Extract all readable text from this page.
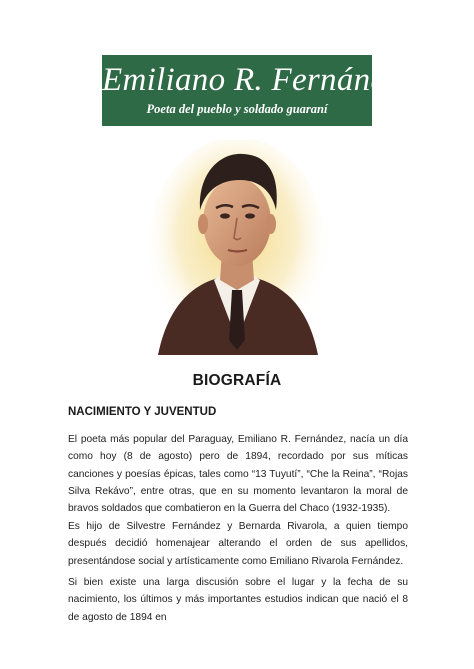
Emiliano R. Fernández
Poeta del pueblo y soldado guaraní
BIOGRAFÍA
NACIMIENTO Y JUVENTUD

El poeta más popular del Paraguay, Emiliano R. Fernández, nacía un día como hoy (8 de agosto) pero de 1894, recordado por sus míticas canciones y poesías épicas, tales como “13 Tuyutí”, “Che la Reina”, “Rojas Silva Rekávo”, entre otras, que en su momento levantaron la moral de bravos soldados que combatieron en la Guerra del Chaco (1932-1935).

Es hijo de Silvestre Fernández y Bernarda Rivarola, a quien tiempo después decidió homenajear alterando el orden de sus apellidos, presentándose social y artísticamente como Emiliano Rivarola Fernández.

Si bien existe una larga discusión sobre el lugar y la fecha de su nacimiento, los últimos y más importantes estudios indican que nació el 8 de agosto de 1894 en
